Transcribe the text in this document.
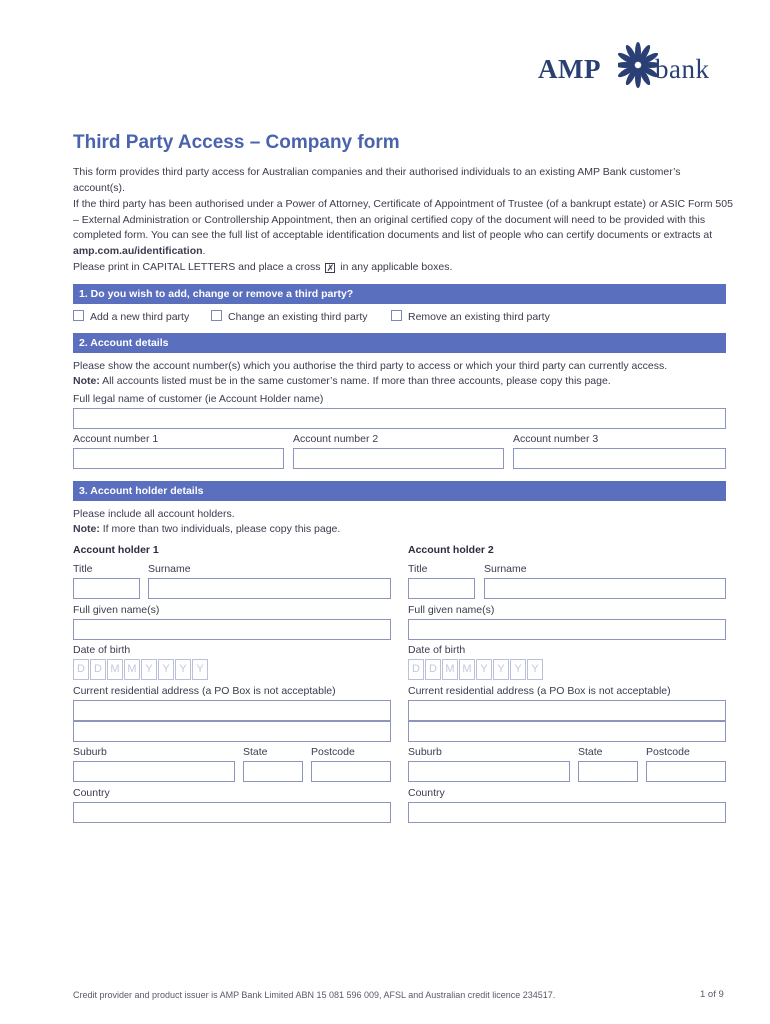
AMP bank
Third Party Access – Company form
This form provides third party access for Australian companies and their authorised individuals to an existing AMP Bank customer’s account(s).
If the third party has been authorised under a Power of Attorney, Certificate of Appointment of Trustee (of a bankrupt estate) or ASIC Form 505 – External Administration or Controllership Appointment, then an original certified copy of the document will need to be provided with this completed form. You can see the full list of acceptable identification documents and list of people who can certify documents or extracts at amp.com.au/identification.
Please print in CAPITAL LETTERS and place a cross ✗ in any applicable boxes.
1. Do you wish to add, change or remove a third party?
Add a new third party	Change an existing third party	Remove an existing third party
2. Account details
Please show the account number(s) which you authorise the third party to access or which your third party can currently access.
Note: All accounts listed must be in the same customer’s name. If more than three accounts, please copy this page.
Full legal name of customer (ie Account Holder name)
Account number 1	Account number 2	Account number 3
3. Account holder details
Please include all account holders.
Note: If more than two individuals, please copy this page.
Account holder 1
Title	Surname
Full given name(s)
Date of birth
D D M M Y Y Y Y
Current residential address (a PO Box is not acceptable)
Suburb	State	Postcode
Country
Account holder 2
Title	Surname
Full given name(s)
Date of birth
D D M M Y Y Y Y
Current residential address (a PO Box is not acceptable)
Suburb	State	Postcode
Country
Credit provider and product issuer is AMP Bank Limited ABN 15 081 596 009, AFSL and Australian credit licence 234517.	1 of 9
